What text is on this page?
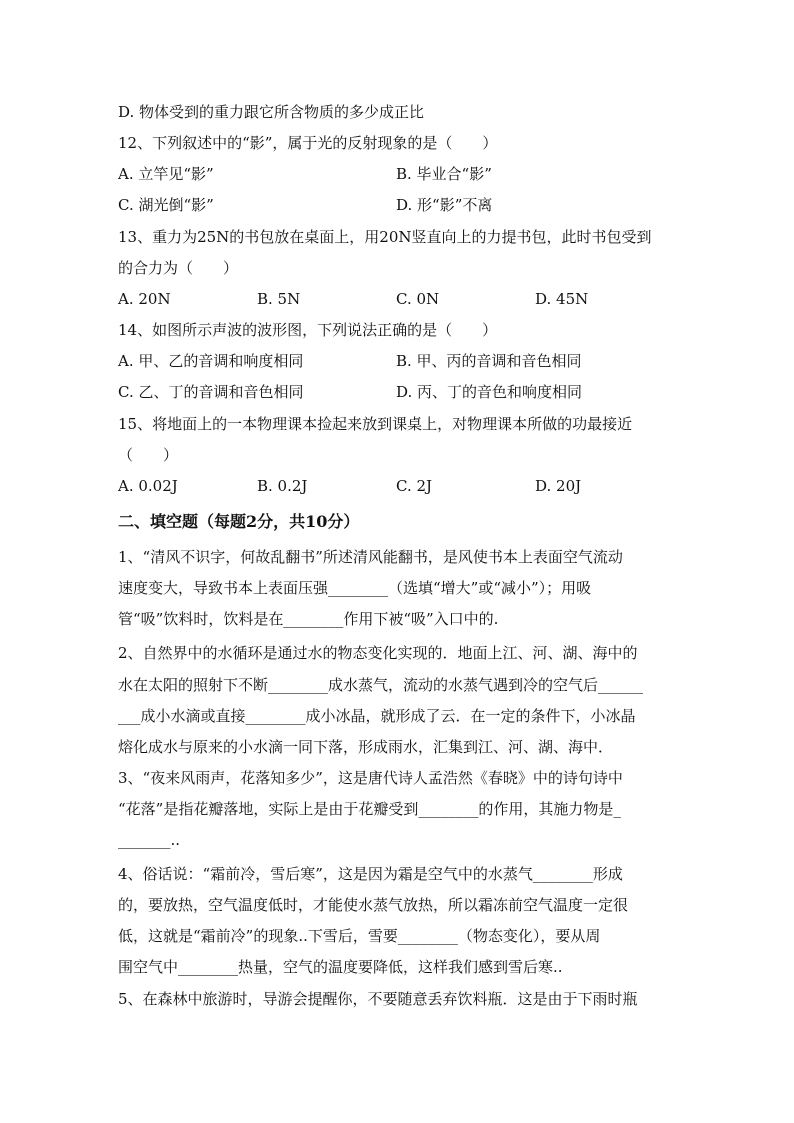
D. 物体受到的重力跟它所含物质的多少成正比
12、下列叙述中的“影”，属于光的反射现象的是（　　）
A. 立竿见“影”	B. 毕业合“影”
C. 湖光倒“影”	D. 形“影”不离
13、重力为25N的书包放在桌面上，用20N竖直向上的力提书包，此时书包受到
的合力为（　　）
A. 20N	B. 5N	C. 0N	D. 45N
14、如图所示声波的波形图，下列说法正确的是（　　）
A. 甲、乙的音调和响度相同	B. 甲、丙的音调和音色相同
C. 乙、丁的音调和音色相同	D. 丙、丁的音色和响度相同
15、将地面上的一本物理课本捡起来放到课桌上，对物理课本所做的功最接近
（　　）
A. 0.02J	B. 0.2J	C. 2J	D. 20J
二、填空题（每题2分，共10分）
1、“清风不识字，何故乱翻书”所述清风能翻书，是风使书本上表面空气流动
速度变大，导致书本上表面压强________（选填“增大”或“减小”）；用吸
管“吸”饮料时，饮料是在________作用下被“吸”入口中的.
2、自然界中的水循环是通过水的物态变化实现的．地面上江、河、湖、海中的
水在太阳的照射下不断________成水蒸气，流动的水蒸气遇到冷的空气后______
___成小水滴或直接________成小冰晶，就形成了云．在一定的条件下，小冰晶
熔化成水与原来的小水滴一同下落，形成雨水，汇集到江、河、湖、海中．
3、“夜来风雨声，花落知多少”，这是唐代诗人孟浩然《春晓》中的诗句诗中
“花落”是指花瓣落地，实际上是由于花瓣受到________的作用，其施力物是_
_______..
4、俗话说：“霜前冷，雪后寒”，这是因为霜是空气中的水蒸气________形成
的，要放热，空气温度低时，才能使水蒸气放热，所以霜冻前空气温度一定很
低，这就是“霜前冷”的现象..下雪后，雪要________（物态变化），要从周
围空气中________热量，空气的温度要降低，这样我们感到雪后寒..
5、在森林中旅游时，导游会提醒你，不要随意丢弃饮料瓶．这是由于下雨时瓶
